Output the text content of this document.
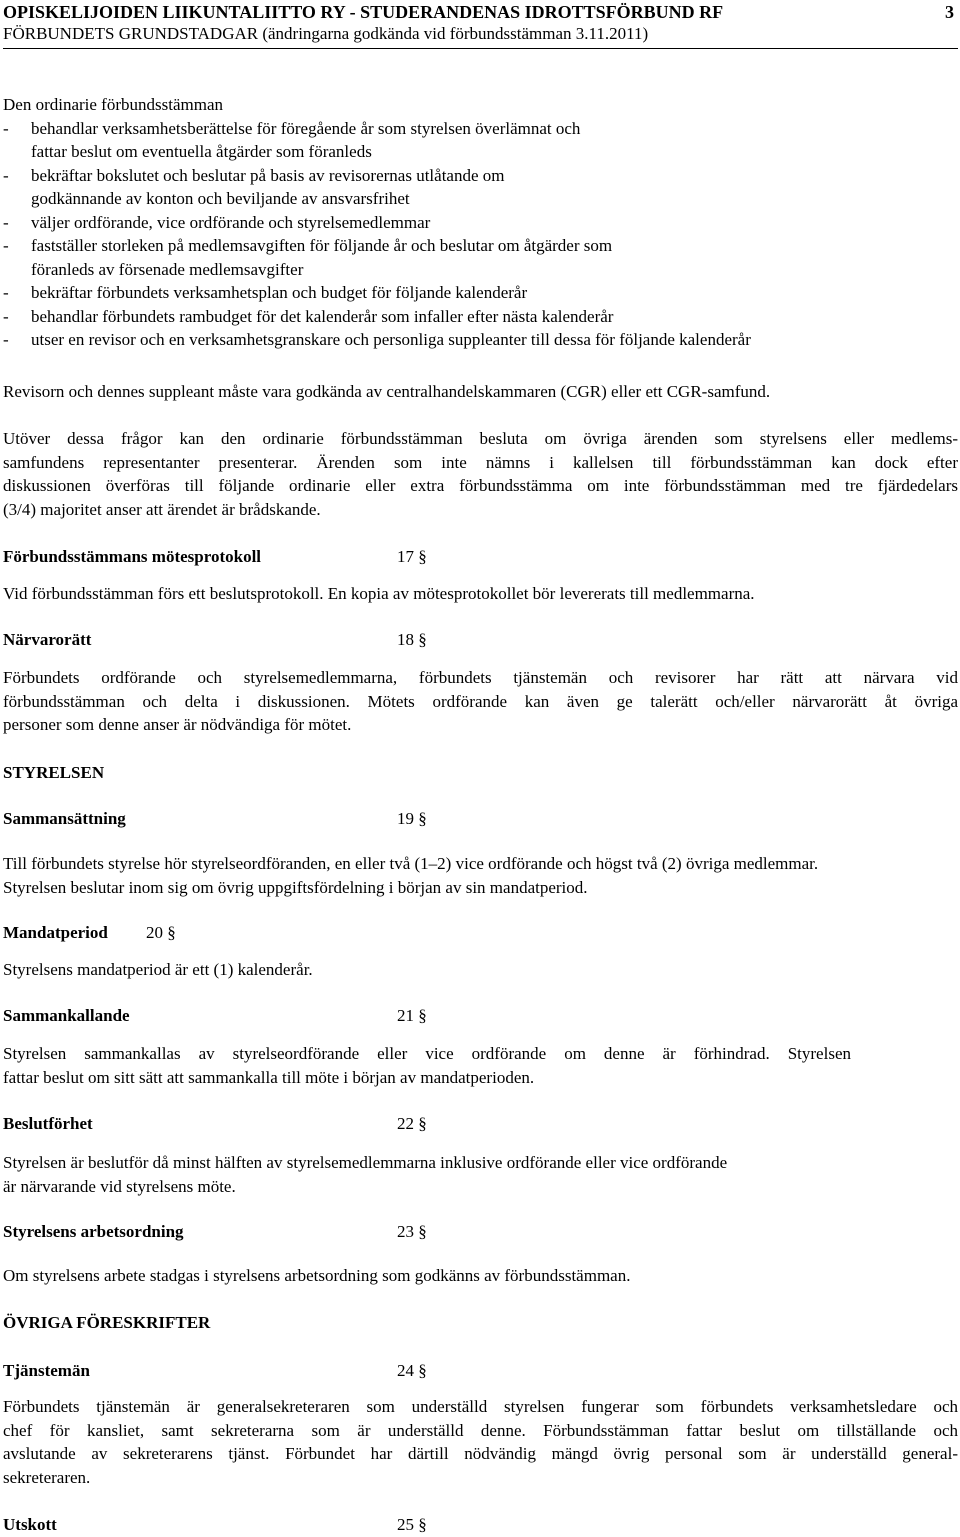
OPISKELIJOIDEN LIIKUNTALIITTO RY - STUDERANDENAS IDROTTSFÖRBUND RF
FÖRBUNDETS GRUNDSTADGAR (ändringarna godkända vid förbundsstämman 3.11.2011)
3

Den ordinarie förbundsstämman

- behandlar verksamhetsberättelse för föregående år som styrelsen överlämnat och
fattar beslut om eventuella åtgärder som föranleds
- bekräftar bokslutet och beslutar på basis av revisorernas utlåtande om
godkännande av konton och beviljande av ansvarsfrihet
- väljer ordförande, vice ordförande och styrelsemedlemmar
- fastställer storleken på medlemsavgiften för följande år och beslutar om åtgärder som
föranleds av försenade medlemsavgifter
- bekräftar förbundets verksamhetsplan och budget för följande kalenderår
- behandlar förbundets rambudget för det kalenderår som infaller efter nästa kalenderår
- utser en revisor och en verksamhetsgranskare och personliga suppleanter till dessa för följande kalenderår

Revisorn och dennes suppleant måste vara godkända av centralhandelskammaren (CGR) eller ett CGR-samfund.

Utöver dessa frågor kan den ordinarie förbundsstämman besluta om övriga ärenden som styrelsens eller medlems-

samfundens representanter presenterar. Ärenden som inte nämns i kallelsen till förbundsstämman kan dock efter

diskussionen överföras till följande ordinarie eller extra förbundsstämma om inte förbundsstämman med tre fjärdedelars

(3/4) majoritet anser att ärendet är brådskande.

Förbundsstämmans mötesprotokoll	17
§

Vid förbundsstämman förs ett beslutsprotokoll. En kopia av mötesprotokollet bör levererats till medlemmarna.

Närvarorätt	18
§

Förbundets ordförande och styrelsemedlemmarna, förbundets tjänstemän och revisorer har rätt att närvara vid

förbundsstämman och delta i diskussionen. Mötets ordförande kan även ge talerätt och/eller närvarorätt åt övriga

personer som denne anser är nödvändiga för mötet.

STYRELSEN

Sammansättning	19
§

Till förbundets styrelse hör styrelseordföranden, en eller två (1–2) vice ordförande och högst två (2) övriga medlemmar.

Styrelsen beslutar inom sig om övrig uppgiftsfördelning i början av sin mandatperiod.

Mandatperiod	20
§

Styrelsens mandatperiod är ett (1) kalenderår.

Sammankallande	21
§

Styrelsen sammankallas av styrelseordförande eller vice ordförande om denne är förhindrad. Styrelsen

fattar beslut om sitt sätt att sammankalla till möte i början av mandatperioden.

Beslutförhet	22
§

Styrelsen är beslutför då minst hälften av styrelsemedlemmarna inklusive ordförande eller vice ordförande

är närvarande vid styrelsens möte.

Styrelsens arbetsordning	23
§

Om styrelsens arbete stadgas i styrelsens arbetsordning som godkänns av förbundsstämman.

ÖVRIGA FÖRESKRIFTER

Tjänstemän	24
§

Förbundets tjänstemän är generalsekreteraren som underställd styrelsen fungerar som förbundets verksamhetsledare och

chef för kansliet, samt sekreterarna som är underställd denne. Förbundsstämman fattar beslut om tillställande och

avslutande av sekreterarens tjänst. Förbundet har därtill nödvändig mängd övrig personal som är underställd general-

sekreteraren.

Utskott	25
§
